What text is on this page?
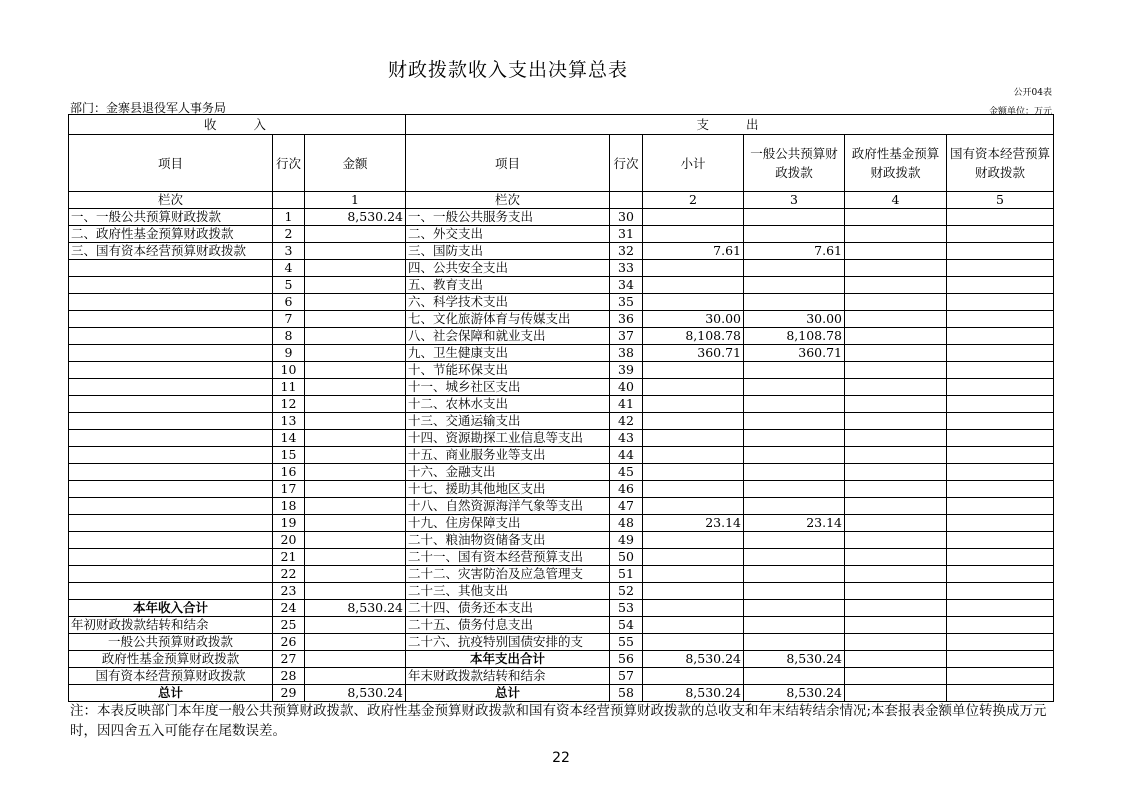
财政拨款收入支出决算总表
公开04表
部门：金寨县退役军人事务局	金额单位：万元
收　　入			支　　出					
项目	行次	金额	项目	行次	小计	一般公共预算财政拨款	政府性基金预算财政拨款	国有资本经营预算财政拨款
栏次		1	栏次		2	3	4	5
一、一般公共预算财政拨款	1	8,530.24	一、一般公共服务支出	30				
二、政府性基金预算财政拨款	2		二、外交支出	31				
三、国有资本经营预算财政拨款	3		三、国防支出	32	7.61	7.61		
	4		四、公共安全支出	33				
	5		五、教育支出	34				
	6		六、科学技术支出	35				
	7		七、文化旅游体育与传媒支出	36	30.00	30.00		
	8		八、社会保障和就业支出	37	8,108.78	8,108.78		
	9		九、卫生健康支出	38	360.71	360.71		
	10		十、节能环保支出	39				
	11		十一、城乡社区支出	40				
	12		十二、农林水支出	41				
	13		十三、交通运输支出	42				
	14		十四、资源勘探工业信息等支出	43				
	15		十五、商业服务业等支出	44				
	16		十六、金融支出	45				
	17		十七、援助其他地区支出	46				
	18		十八、自然资源海洋气象等支出	47				
	19		十九、住房保障支出	48	23.14	23.14		
	20		二十、粮油物资储备支出	49				
	21		二十一、国有资本经营预算支出	50				
	22		二十二、灾害防治及应急管理支	51				
	23		二十三、其他支出	52				
本年收入合计	24	8,530.24	二十四、债务还本支出	53				
年初财政拨款结转和结余	25		二十五、债务付息支出	54				
一般公共预算财政拨款	26		二十六、抗疫特别国债安排的支	55				
政府性基金预算财政拨款	27		本年支出合计	56	8,530.24	8,530.24		
国有资本经营预算财政拨款	28		年末财政拨款结转和结余	57				
总计	29	8,530.24	总计	58	8,530.24	8,530.24		
注：本表反映部门本年度一般公共预算财政拨款、政府性基金预算财政拨款和国有资本经营预算财政拨款的总收支和年末结转结余情况;本套报表金额单位转换成万元时，因四舍五入可能存在尾数误差。
22
